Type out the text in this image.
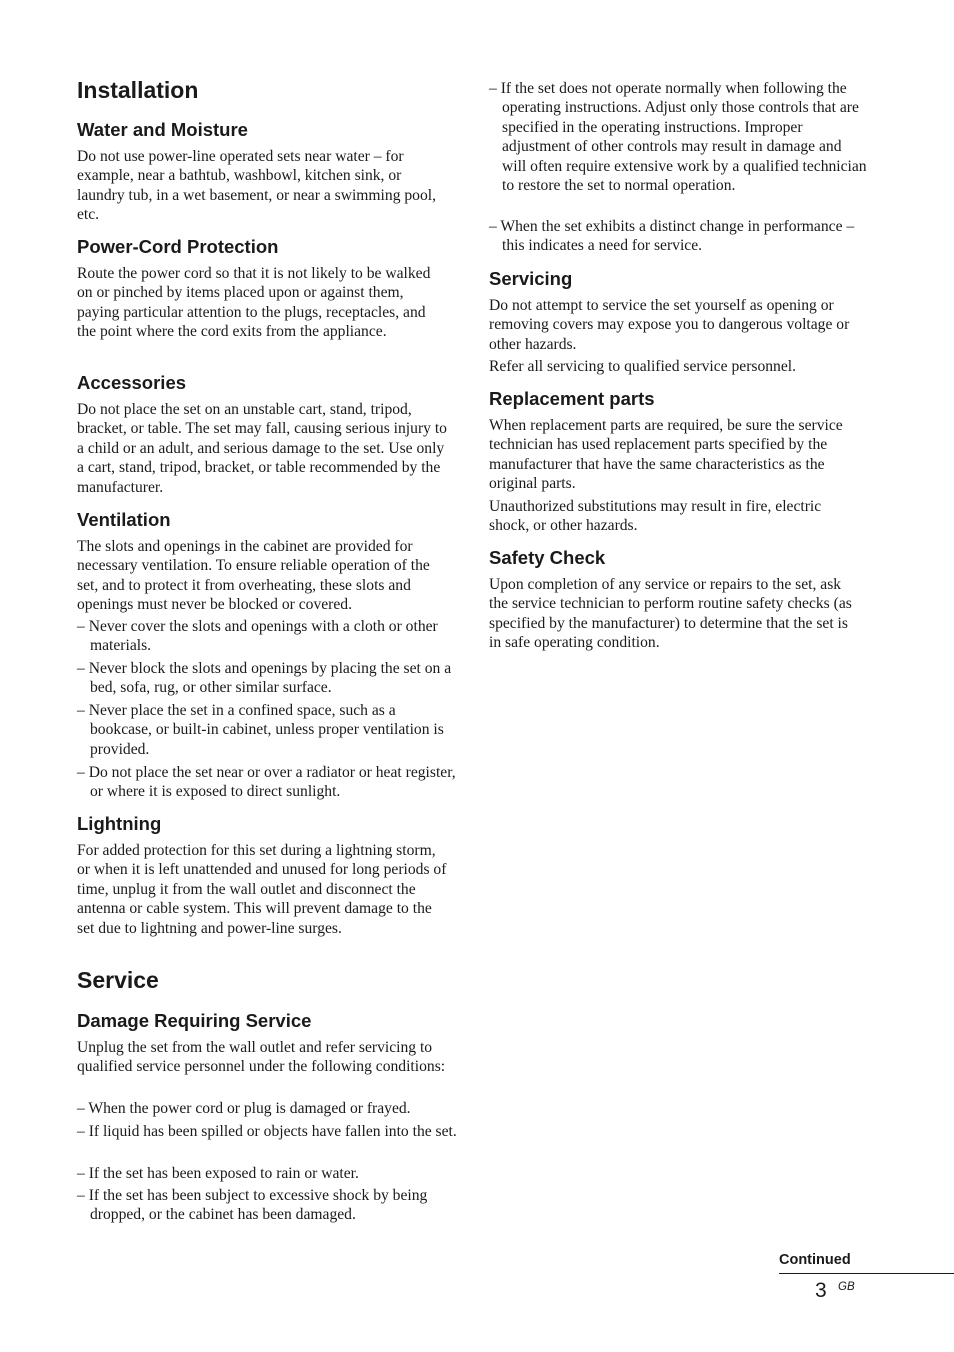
Installation
Water and Moisture

Do not use power-line operated sets near water – for example, near a bathtub, washbowl, kitchen sink, or laundry tub, in a wet basement, or near a swimming pool, etc.

Power-Cord Protection

Route the power cord so that it is not likely to be walked on or pinched by items placed upon or against them, paying particular attention to the plugs, receptacles, and the point where the cord exits from the appliance.

Accessories

Do not place the set on an unstable cart, stand, tripod, bracket, or table. The set may fall, causing serious injury to a child or an adult, and serious damage to the set. Use only a cart, stand, tripod, bracket, or table recommended by the manufacturer.

Ventilation

The slots and openings in the cabinet are provided for necessary ventilation. To ensure reliable operation of the set, and to protect it from overheating, these slots and openings must never be blocked or covered.

– Never cover the slots and openings with a cloth or other materials.

– Never block the slots and openings by placing the set on a bed, sofa, rug, or other similar surface.

– Never place the set in a confined space, such as a bookcase, or built-in cabinet, unless proper ventilation is provided.

– Do not place the set near or over a radiator or heat register, or where it is exposed to direct sunlight.

Lightning

For added protection for this set during a lightning storm, or when it is left unattended and unused for long periods of time, unplug it from the wall outlet and disconnect the antenna or cable system. This will prevent damage to the set due to lightning and power-line surges.

Service
Damage Requiring Service

Unplug the set from the wall outlet and refer servicing to qualified service personnel under the following conditions:

– When the power cord or plug is damaged or frayed.

– If liquid has been spilled or objects have fallen into the set.

– If the set has been exposed to rain or water.

– If the set has been subject to excessive shock by being dropped, or the cabinet has been damaged.

– If the set does not operate normally when following the operating instructions. Adjust only those controls that are specified in the operating instructions. Improper adjustment of other controls may result in damage and will often require extensive work by a qualified technician to restore the set to normal operation.

– When the set exhibits a distinct change in performance – this indicates a need for service.

Servicing

Do not attempt to service the set yourself as opening or removing covers may expose you to dangerous voltage or other hazards.

Refer all servicing to qualified service personnel.

Replacement parts

When replacement parts are required, be sure the service technician has used replacement parts specified by the manufacturer that have the same characteristics as the original parts.

Unauthorized substitutions may result in fire, electric shock, or other hazards.

Safety Check

Upon completion of any service or repairs to the set, ask the service technician to perform routine safety checks (as specified by the manufacturer) to determine that the set is in safe operating condition.

Continued
3 GB
